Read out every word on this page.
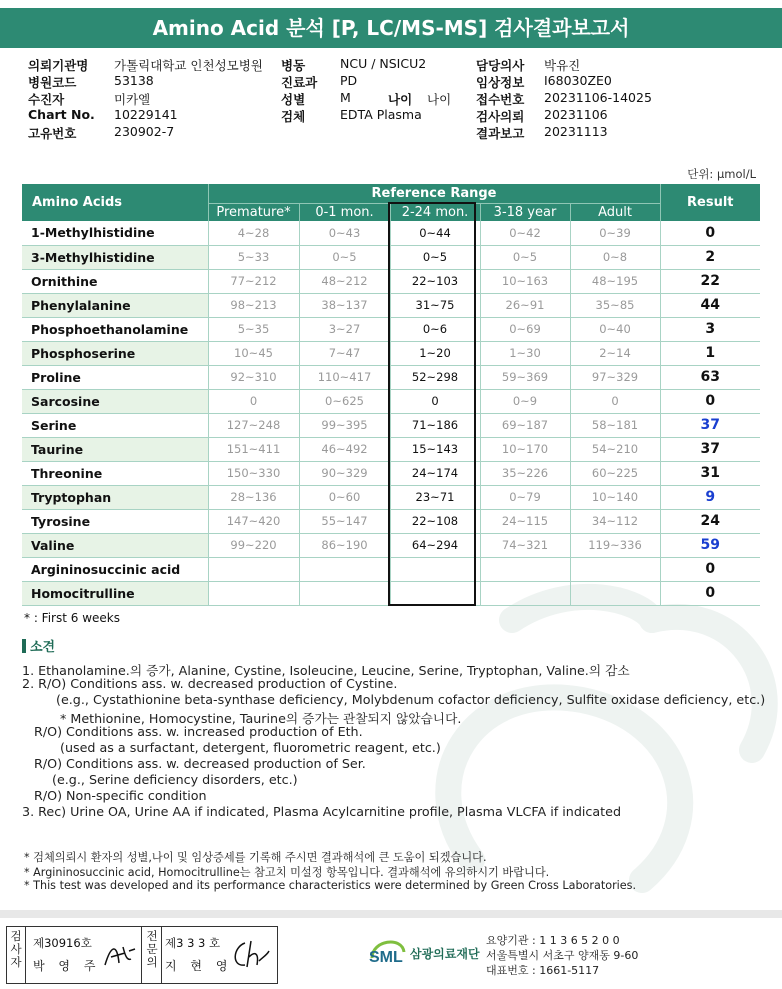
Amino Acid 분석 [P, LC/MS-MS] 검사결과보고서
의뢰기관명 가톨릭대학교 인천성모병원 병동	NCU / NSICU2	담당의사 박유진
병원코드	53138	진료과 PD	임상정보 I68030ZE0
수진자	미카엘	성별	M	나이 나이 접수번호 20231106-14025
Chart No. 10229141	검체	EDTA Plasma	검사의뢰 20231106
고유번호	230902-7	결과보고 20231113
단위: µmol/L
Amino Acids	Reference Range					Result
	Premature*	0-1 mon.	2-24 mon.	3-18 year	Adult	
1-Methylhistidine	4~28	0~43	0~44	0~42	0~39	0
3-Methylhistidine	5~33	0~5	0~5	0~5	0~8	2
Ornithine	77~212	48~212	22~103	10~163	48~195	22
Phenylalanine	98~213	38~137	31~75	26~91	35~85	44
Phosphoethanolamine	5~35	3~27	0~6	0~69	0~40	3
Phosphoserine	10~45	7~47	1~20	1~30	2~14	1
Proline	92~310	110~417	52~298	59~369	97~329	63
Sarcosine	0	0~625	0	0~9	0	0
Serine	127~248	99~395	71~186	69~187	58~181	37
Taurine	151~411	46~492	15~143	10~170	54~210	37
Threonine	150~330	90~329	24~174	35~226	60~225	31
Tryptophan	28~136	0~60	23~71	0~79	10~140	9
Tyrosine	147~420	55~147	22~108	24~115	34~112	24
Valine	99~220	86~190	64~294	74~321	119~336	59
Argininosuccinic acid						0
Homocitrulline						0
* : First 6 weeks
소견
1. Ethanolamine.의 증가, Alanine, Cystine, Isoleucine, Leucine, Serine, Tryptophan, Valine.의 감소
2. R/O) Conditions ass. w. decreased production of Cystine.
(e.g., Cystathionine beta-synthase deficiency, Molybdenum cofactor deficiency, Sulfite oxidase deficiency, etc.)
* Methionine, Homocystine, Taurine의 증가는 관찰되지 않았습니다.
R/O) Conditions ass. w. increased production of Eth.
(used as a surfactant, detergent, fluorometric reagent, etc.)
R/O) Conditions ass. w. decreased production of Ser.
(e.g., Serine deficiency disorders, etc.)
R/O) Non-specific condition
3. Rec) Urine OA, Urine AA if indicated, Plasma Acylcarnitine profile, Plasma VLCFA if indicated
* 검체의뢰시 환자의 성별,나이 및 임상증세를 기록해 주시면 결과해석에 큰 도움이 되겠습니다.
* Argininosuccinic acid, Homocitrulline는 참고치 미설정 항목입니다. 결과해석에 유의하시기 바랍니다.
* This test was developed and its performance characteristics were determined by Green Cross Laboratories.
검사자
제30916호
박 영 주
전문의
제3 3 3 호
지 현 영	SML 삼광의료재단
요양기관 : 1 1 3 6 5 2 0 0
서울특별시 서초구 양재동 9-60
대표번호 : 1661-5117
